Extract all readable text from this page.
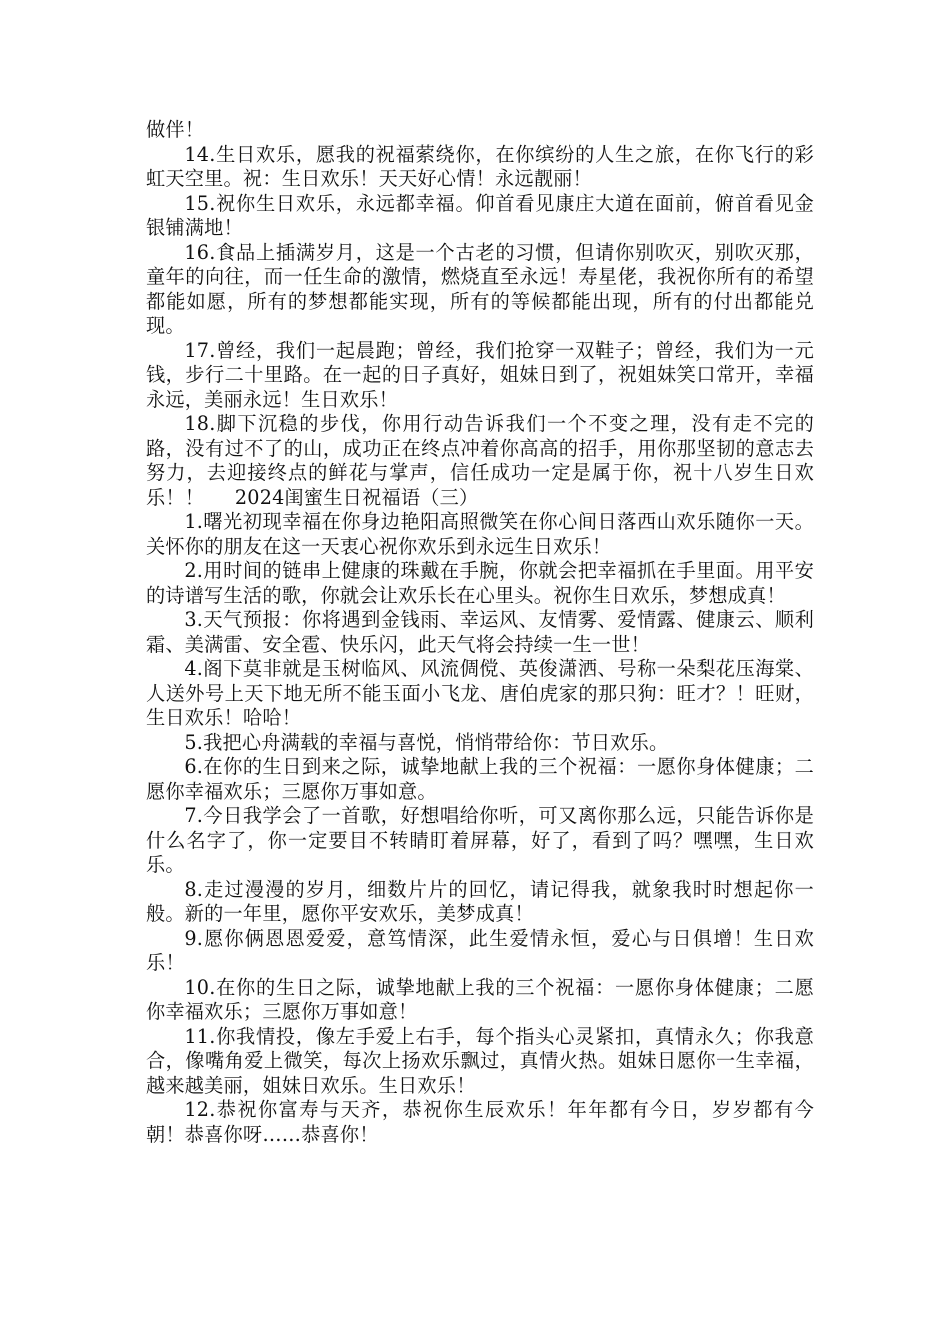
做伴！

14.生日欢乐，愿我的祝福萦绕你，在你缤纷的人生之旅，在你飞行的彩虹天空里。祝：生日欢乐！天天好心情！永远靓丽！

15.祝你生日欢乐，永远都幸福。仰首看见康庄大道在面前，俯首看见金银铺满地！

16.食品上插满岁月，这是一个古老的习惯，但请你别吹灭，别吹灭那，童年的向往，而一任生命的激情，燃烧直至永远！寿星佬，我祝你所有的希望都能如愿，所有的梦想都能实现，所有的等候都能出现，所有的付出都能兑现。

17.曾经，我们一起晨跑；曾经，我们抢穿一双鞋子；曾经，我们为一元钱，步行二十里路。在一起的日子真好，姐妹日到了，祝姐妹笑口常开，幸福永远，美丽永远！生日欢乐！

18.脚下沉稳的步伐，你用行动告诉我们一个不变之理，没有走不完的路，没有过不了的山，成功正在终点冲着你高高的招手，用你那坚韧的意志去努力，去迎接终点的鲜花与掌声，信任成功一定是属于你，祝十八岁生日欢乐！！ 2024闺蜜生日祝福语（三）

1.曙光初现幸福在你身边艳阳高照微笑在你心间日落西山欢乐随你一天。关怀你的朋友在这一天衷心祝你欢乐到永远生日欢乐！

2.用时间的链串上健康的珠戴在手腕，你就会把幸福抓在手里面。用平安的诗谱写生活的歌，你就会让欢乐长在心里头。祝你生日欢乐，梦想成真！

3.天气预报：你将遇到金钱雨、幸运风、友情雾、爱情露、健康云、顺利霜、美满雷、安全雹、快乐闪，此天气将会持续一生一世！

4.阁下莫非就是玉树临风、风流倜傥、英俊潇洒、号称一朵梨花压海棠、人送外号上天下地无所不能玉面小飞龙、唐伯虎家的那只狗：旺才？！旺财，生日欢乐！哈哈！

5.我把心舟满载的幸福与喜悦，悄悄带给你：节日欢乐。

6.在你的生日到来之际，诚挚地献上我的三个祝福：一愿你身体健康；二愿你幸福欢乐；三愿你万事如意。

7.今日我学会了一首歌，好想唱给你听，可又离你那么远，只能告诉你是什么名字了，你一定要目不转睛盯着屏幕，好了，看到了吗？嘿嘿，生日欢乐。

8.走过漫漫的岁月，细数片片的回忆，请记得我，就象我时时想起你一般。新的一年里，愿你平安欢乐，美梦成真！

9.愿你俩恩恩爱爱，意笃情深，此生爱情永恒，爱心与日俱增！生日欢乐！

10.在你的生日之际，诚挚地献上我的三个祝福：一愿你身体健康；二愿你幸福欢乐；三愿你万事如意！

11.你我情投，像左手爱上右手，每个指头心灵紧扣，真情永久；你我意合，像嘴角爱上微笑，每次上扬欢乐飘过，真情火热。姐妹日愿你一生幸福，越来越美丽，姐妹日欢乐。生日欢乐！

12.恭祝你富寿与天齐，恭祝你生辰欢乐！年年都有今日，岁岁都有今朝！恭喜你呀……恭喜你！
